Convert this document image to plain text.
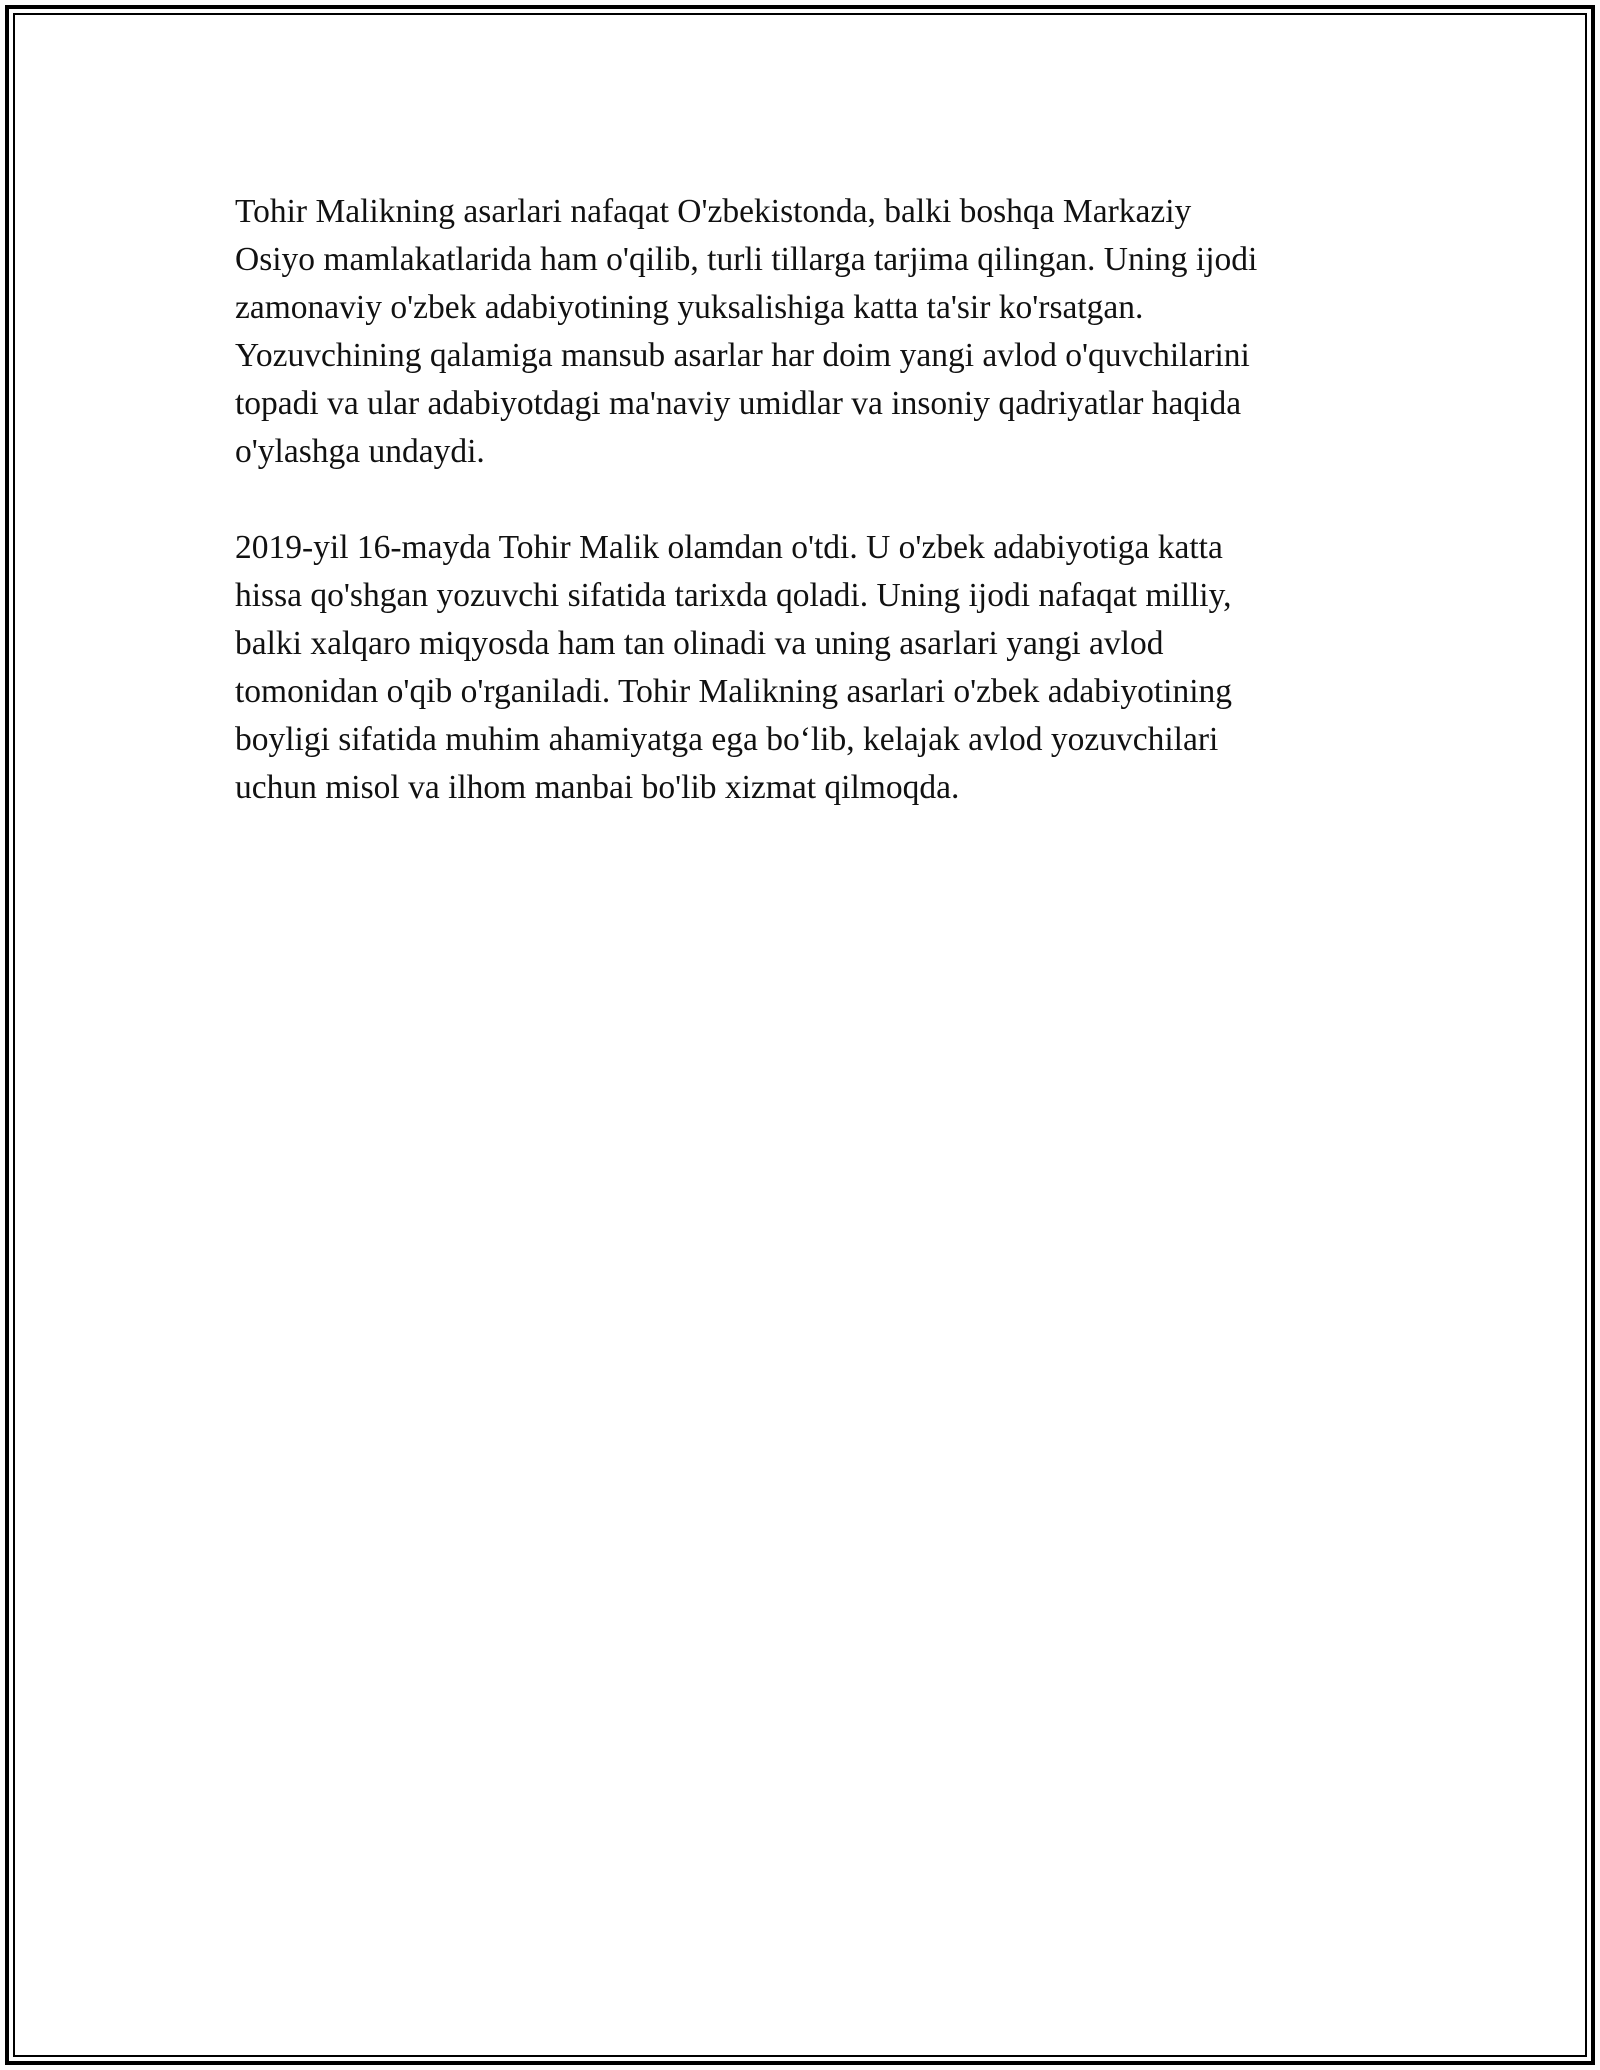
Tohir Malikning asarlari nafaqat O'zbekistonda, balki boshqa Markaziy
Osiyo mamlakatlarida ham o'qilib, turli tillarga tarjima qilingan. Uning ijodi
zamonaviy o'zbek adabiyotining yuksalishiga katta ta'sir ko'rsatgan.
Yozuvchining qalamiga mansub asarlar har doim yangi avlod o'quvchilarini
topadi va ular adabiyotdagi ma'naviy umidlar va insoniy qadriyatlar haqida
o'ylashga undaydi.

2019-yil 16-mayda Tohir Malik olamdan o'tdi. U o'zbek adabiyotiga katta
hissa qo'shgan yozuvchi sifatida tarixda qoladi. Uning ijodi nafaqat milliy,
balki xalqaro miqyosda ham tan olinadi va uning asarlari yangi avlod
tomonidan o'qib o'rganiladi. Tohir Malikning asarlari o'zbek adabiyotining
boyligi sifatida muhim ahamiyatga ega bo‘lib, kelajak avlod yozuvchilari
uchun misol va ilhom manbai bo'lib xizmat qilmoqda.
